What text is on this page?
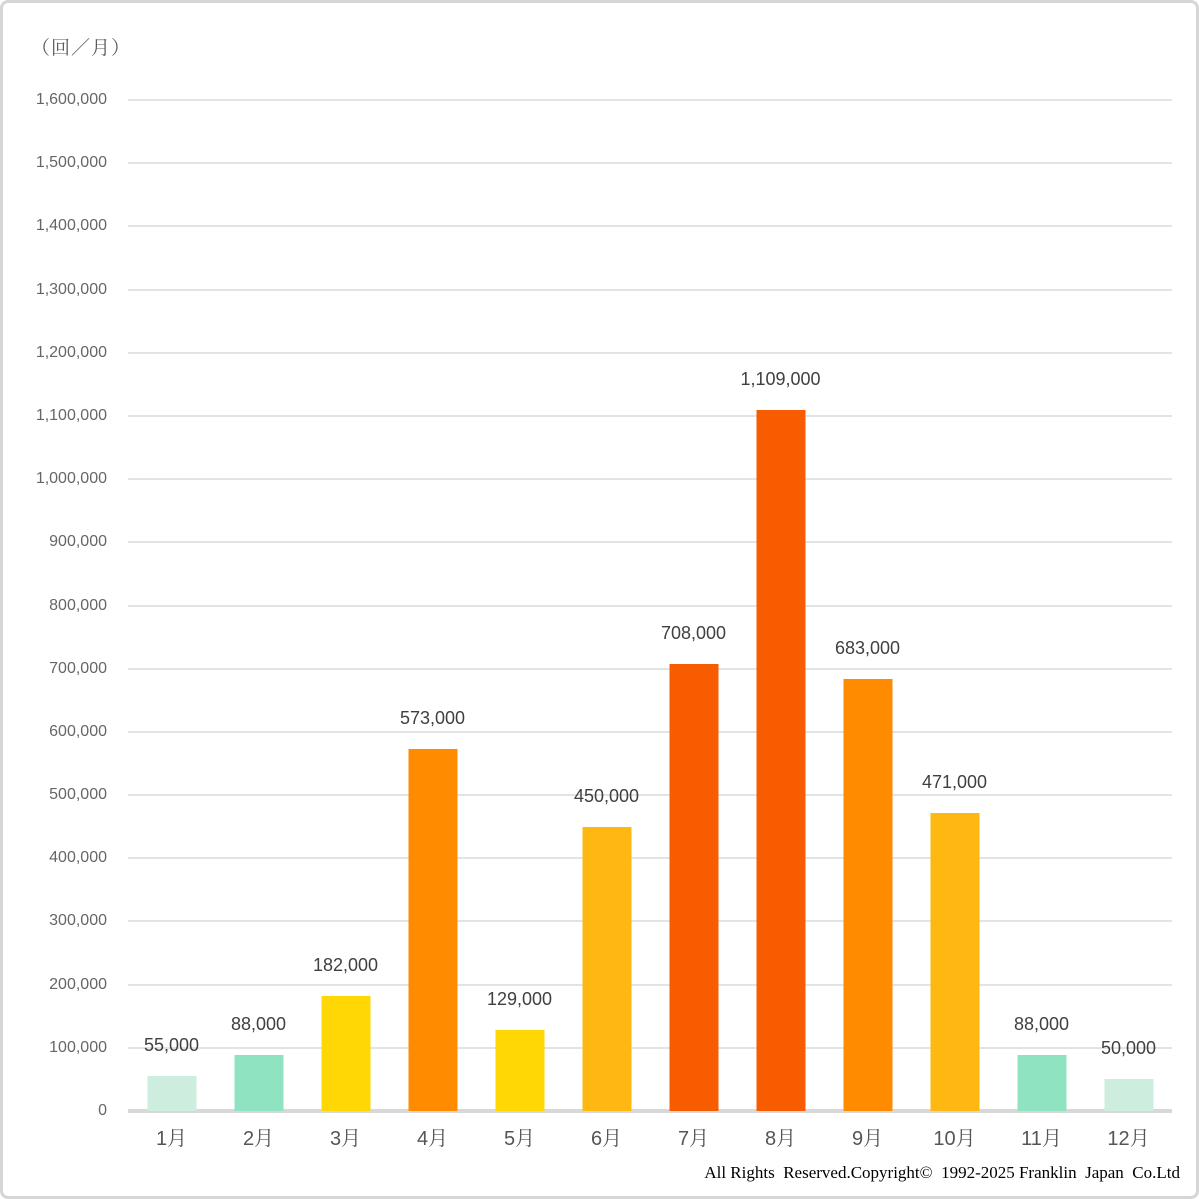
（回／月）
0
100,000
200,000
300,000
400,000
500,000
600,000
700,000
800,000
900,000
1,000,000
1,100,000
1,200,000
1,300,000
1,400,000
1,500,000
1,600,000
55,000
88,000
182,000
573,000
129,000
450,000
708,000
1,109,000
683,000
471,000
88,000
50,000
1月	2月	3月	4月	5月	6月	7月	8月	9月	10月	11月	12月
All Rights  Reserved.Copyright©  1992-2025 Franklin  Japan  Co.Ltd
